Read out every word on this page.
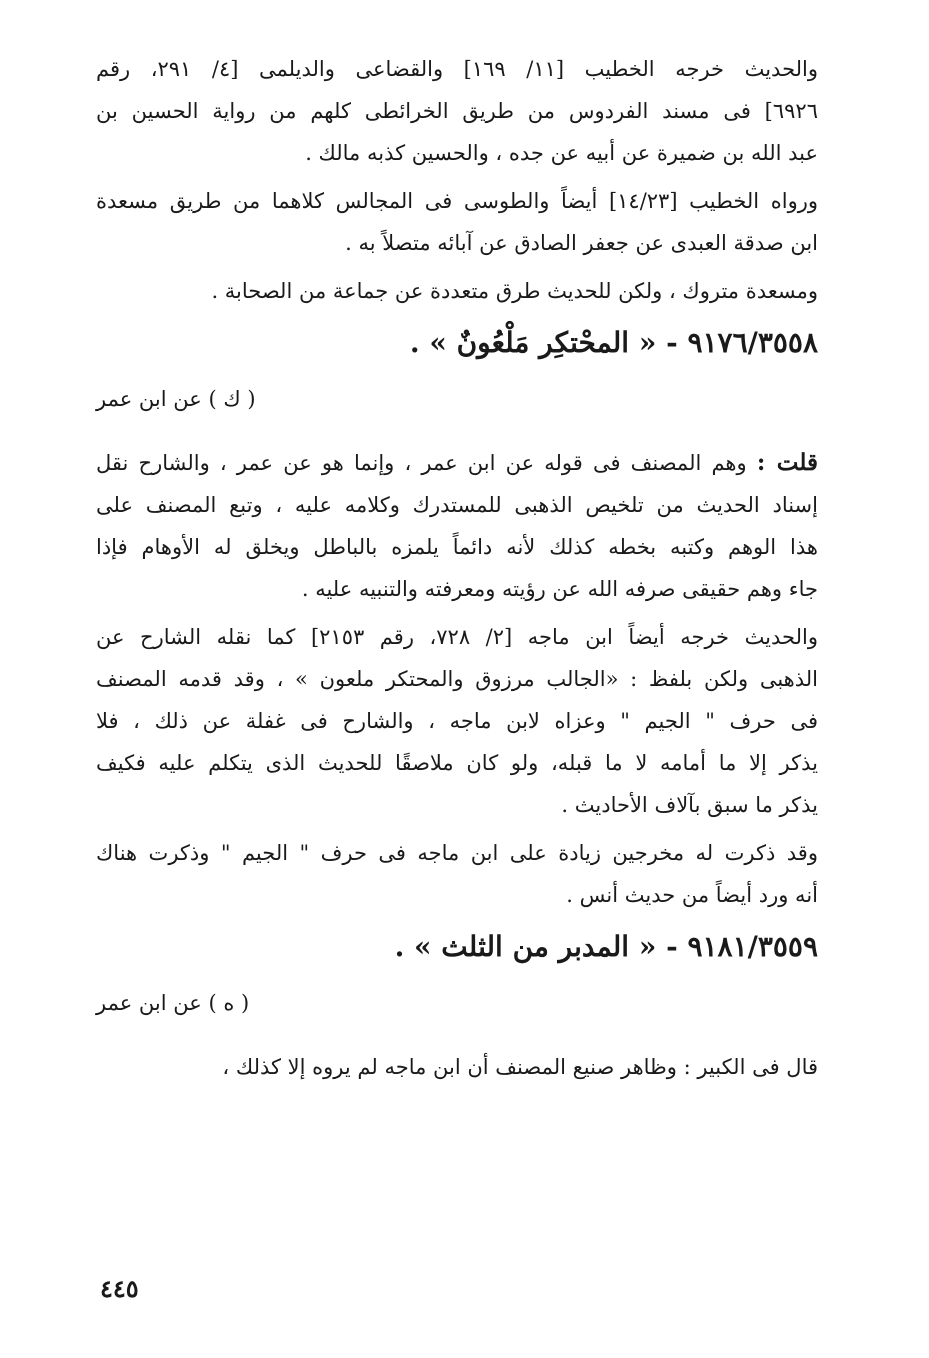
والحديث خرجه الخطيب [١١/ ١٦٩] والقضاعى والديلمى [٤/ ٢٩١، رقم
٦٩٢٦] فى مسند الفردوس من طريق الخرائطى كلهم من رواية الحسين بن
عبد الله بن ضميرة عن أبيه عن جده ، والحسين كذبه مالك .

ورواه الخطيب [١٤/٢٣] أيضاً والطوسى فى المجالس كلاهما من طريق مسعدة
ابن صدقة العبدى عن جعفر الصادق عن آبائه متصلاً به .

ومسعدة متروك ، ولكن للحديث طرق متعددة عن جماعة من الصحابة .

٩١٧٦/٣٥٥٨ - « المحْتكِر مَلْعُونٌ » .
( ك ) عن ابن عمر

قلت : وهم المصنف فى قوله عن ابن عمر ، وإنما هو عن عمر ، والشارح نقل
إسناد الحديث من تلخيص الذهبى للمستدرك وكلامه عليه ، وتبع المصنف على
هذا الوهم وكتبه بخطه كذلك لأنه دائماً يلمزه بالباطل ويخلق له الأوهام فإذا
جاء وهم حقيقى صرفه الله عن رؤيته ومعرفته والتنبيه عليه .

والحديث خرجه أيضاً ابن ماجه [٢/ ٧٢٨، رقم ٢١٥٣] كما نقله الشارح عن
الذهبى ولكن بلفظ : «الجالب مرزوق والمحتكر ملعون » ، وقد قدمه المصنف
فى حرف " الجيم " وعزاه لابن ماجه ، والشارح فى غفلة عن ذلك ، فلا
يذكر إلا ما أمامه لا ما قبله، ولو كان ملاصقًا للحديث الذى يتكلم عليه فكيف
يذكر ما سبق بآلاف الأحاديث .

وقد ذكرت له مخرجين زيادة على ابن ماجه فى حرف " الجيم " وذكرت هناك
أنه ورد أيضاً من حديث أنس .

٩١٨١/٣٥٥٩ - « المدبر من الثلث » .
( ه ) عن ابن عمر

قال فى الكبير : وظاهر صنيع المصنف أن ابن ماجه لم يروه إلا كذلك ،

٤٤٥
